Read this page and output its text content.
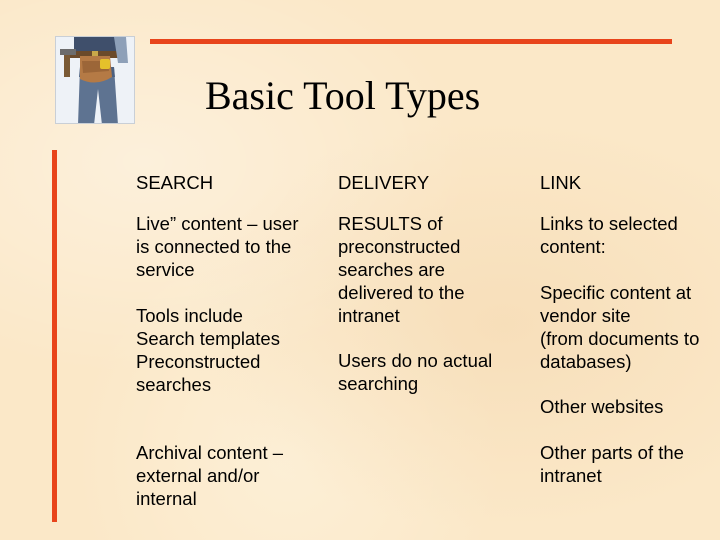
Basic Tool Types
SEARCH
Live” content – user
is connected to the
service
Tools include
Search templates
Preconstructed
searches
Archival content –
external and/or
internal
DELIVERY
RESULTS of
preconstructed
searches are
delivered to the
intranet
Users do no actual
searching
LINK
Links to selected
content:
Specific content at
vendor site
(from documents to
databases)
Other websites
Other parts of the
intranet
